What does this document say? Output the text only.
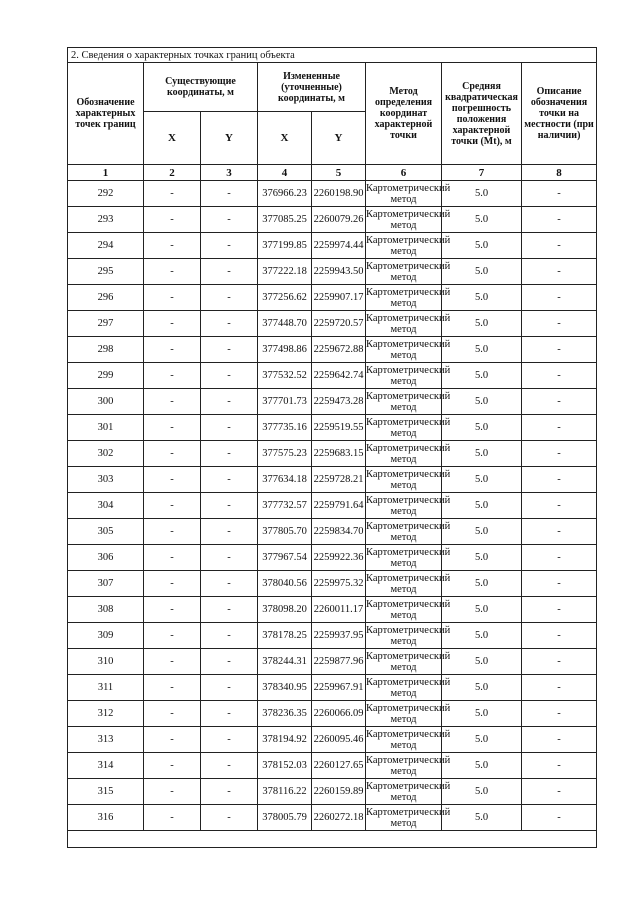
2. Сведения о характерных точках границ объекта							
Обозначение характерных точек границ	Существующие координаты, м		Измененные (уточненные) координаты, м		Метод определения координат характерной точки	Средняя квадратическая погрешность положения характерной точки (Mt), м	Описание обозначения точки на местности (при наличии)
	X	Y	X	Y			
1	2	3	4	5	6	7	8
292	-	-	376966.23	2260198.90	Картометрический метод	5.0	-
293	-	-	377085.25	2260079.26	Картометрический метод	5.0	-
294	-	-	377199.85	2259974.44	Картометрический метод	5.0	-
295	-	-	377222.18	2259943.50	Картометрический метод	5.0	-
296	-	-	377256.62	2259907.17	Картометрический метод	5.0	-
297	-	-	377448.70	2259720.57	Картометрический метод	5.0	-
298	-	-	377498.86	2259672.88	Картометрический метод	5.0	-
299	-	-	377532.52	2259642.74	Картометрический метод	5.0	-
300	-	-	377701.73	2259473.28	Картометрический метод	5.0	-
301	-	-	377735.16	2259519.55	Картометрический метод	5.0	-
302	-	-	377575.23	2259683.15	Картометрический метод	5.0	-
303	-	-	377634.18	2259728.21	Картометрический метод	5.0	-
304	-	-	377732.57	2259791.64	Картометрический метод	5.0	-
305	-	-	377805.70	2259834.70	Картометрический метод	5.0	-
306	-	-	377967.54	2259922.36	Картометрический метод	5.0	-
307	-	-	378040.56	2259975.32	Картометрический метод	5.0	-
308	-	-	378098.20	2260011.17	Картометрический метод	5.0	-
309	-	-	378178.25	2259937.95	Картометрический метод	5.0	-
310	-	-	378244.31	2259877.96	Картометрический метод	5.0	-
311	-	-	378340.95	2259967.91	Картометрический метод	5.0	-
312	-	-	378236.35	2260066.09	Картометрический метод	5.0	-
313	-	-	378194.92	2260095.46	Картометрический метод	5.0	-
314	-	-	378152.03	2260127.65	Картометрический метод	5.0	-
315	-	-	378116.22	2260159.89	Картометрический метод	5.0	-
316	-	-	378005.79	2260272.18	Картометрический метод	5.0	-
